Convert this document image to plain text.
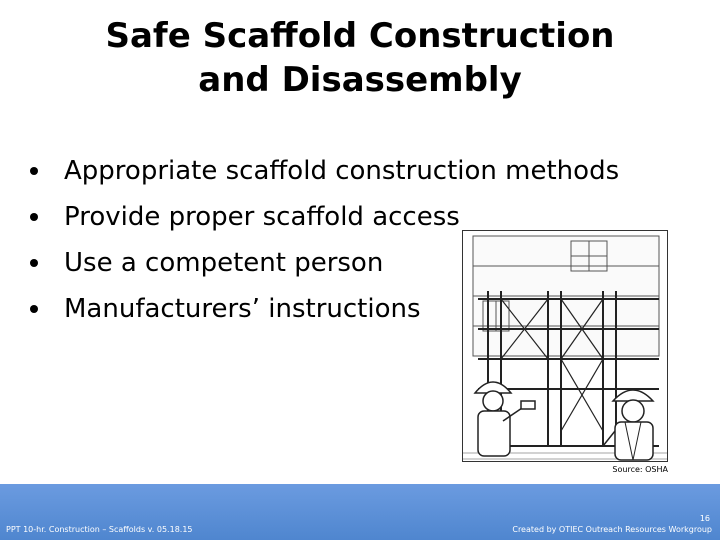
Safe Scaffold Construction
and Disassembly
Appropriate scaffold construction methods
Provide proper scaffold access
Use a competent person
Manufacturers’ instructions
Source: OSHA
PPT 10-hr. Construction – Scaffolds v. 05.18.15
16
Created by OTIEC Outreach Resources Workgroup
